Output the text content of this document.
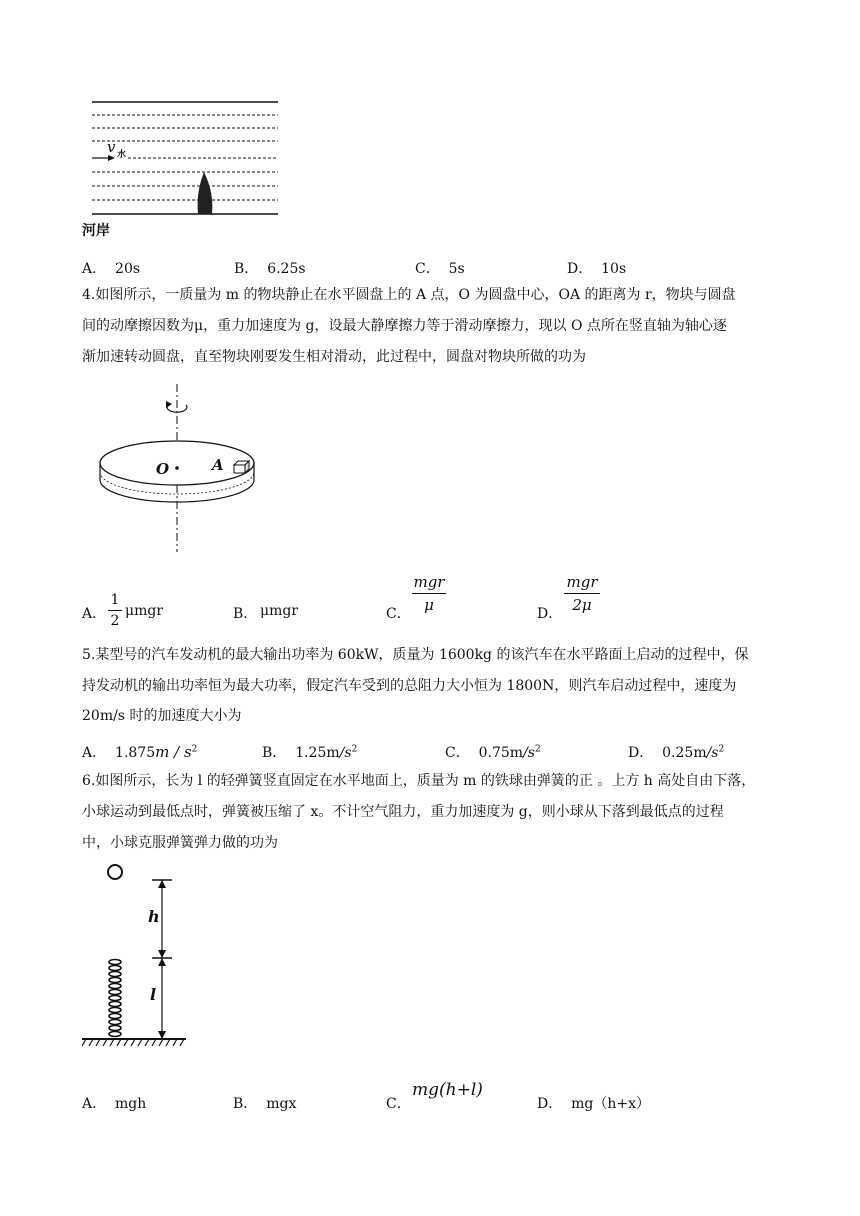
v 水
河岸
A． 20s	B． 6.25s	C． 5s	D． 10s
4.如图所示，一质量为 m 的物块静止在水平圆盘上的 A 点，O 为圆盘中心，OA 的距离为 r，物块与圆盘
间的动摩擦因数为μ，重力加速度为 g，设最大静摩擦力等于滑动摩擦力，现以 O 点所在竖直轴为轴心逐
渐加速转动圆盘，直至物块刚要发生相对滑动，此过程中，圆盘对物块所做的功为
O	A
A．
1
2
μmgr	B． μmgr	C．
mgr
μ	D．
mgr
2μ
5.某型号的汽车发动机的最大输出功率为 60kW，质量为 1600kg 的该汽车在水平路面上启动的过程中，保
持发动机的输出功率恒为最大功率，假定汽车受到的总阻力大小恒为 1800N，则汽车启动过程中，速度为
20m/s 时的加速度大小为
A． $1.875m / s^2$	B． $1.25m/s^2$	C． $0.75m/s^2$	D． $0.25m/s^2$
6.如图所示，长为 l 的轻弹簧竖直固定在水平地面上，质量为 m 的铁球由弹簧的正 。上方 h 高处自由下落，
小球运动到最低点时，弹簧被压缩了 x。不计空气阻力，重力加速度为 g，则小球从下落到最低点的过程
中，小球克服弹簧弹力做的功为
h
l
A． mgh	B． mgx	C．
mg(h+l)
D． mg（h+x）
